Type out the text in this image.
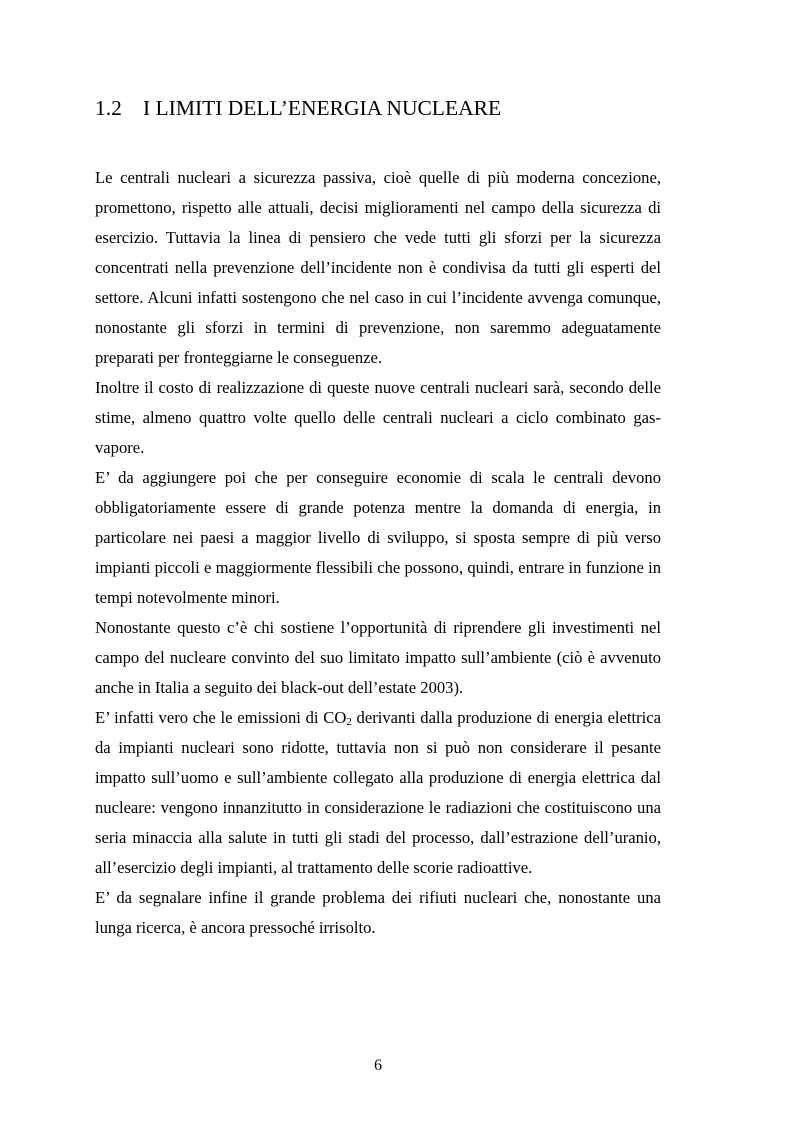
1.2 I LIMITI DELL’ENERGIA NUCLEARE

Le centrali nucleari a sicurezza passiva, cioè quelle di più moderna concezione, promettono, rispetto alle attuali, decisi miglioramenti nel campo della sicurezza di esercizio. Tuttavia la linea di pensiero che vede tutti gli sforzi per la sicurezza concentrati nella prevenzione dell’incidente non è condivisa da tutti gli esperti del settore. Alcuni infatti sostengono che nel caso in cui l’incidente avvenga comunque, nonostante gli sforzi in termini di prevenzione, non saremmo adeguatamente preparati per fronteggiarne le conseguenze.

Inoltre il costo di realizzazione di queste nuove centrali nucleari sarà, secondo delle stime, almeno quattro volte quello delle centrali nucleari a ciclo combinato gas-vapore.

E’ da aggiungere poi che per conseguire economie di scala le centrali devono obbligatoriamente essere di grande potenza mentre la domanda di energia, in particolare nei paesi a maggior livello di sviluppo, si sposta sempre di più verso impianti piccoli e maggiormente flessibili che possono, quindi, entrare in funzione in tempi notevolmente minori.

Nonostante questo c’è chi sostiene l’opportunità di riprendere gli investimenti nel campo del nucleare convinto del suo limitato impatto sull’ambiente (ciò è avvenuto anche in Italia a seguito dei black-out dell’estate 2003).

E’ infatti vero che le emissioni di $CO_2$ derivanti dalla produzione di energia elettrica da impianti nucleari sono ridotte, tuttavia non si può non considerare il pesante impatto sull’uomo e sull’ambiente collegato alla produzione di energia elettrica dal nucleare: vengono innanzitutto in considerazione le radiazioni che costituiscono una seria minaccia alla salute in tutti gli stadi del processo, dall’estrazione dell’uranio, all’esercizio degli impianti, al trattamento delle scorie radioattive.

E’ da segnalare infine il grande problema dei rifiuti nucleari che, nonostante una lunga ricerca, è ancora pressoché irrisolto.

6
